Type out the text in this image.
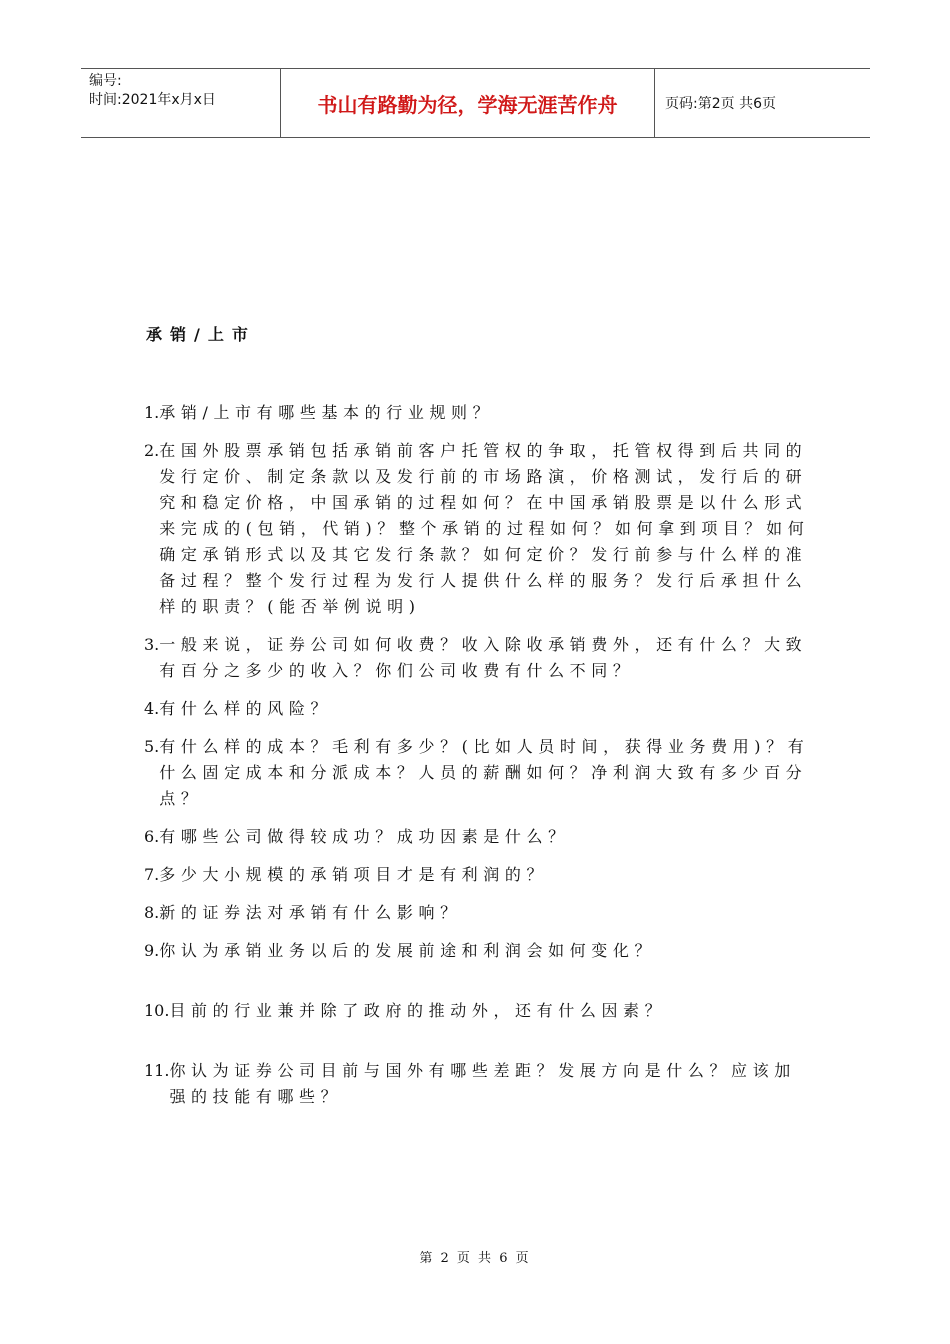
编号:
时间:2021年x月x日	书山有路勤为径，学海无涯苦作舟	页码:第2页 共6页
承销/上市
1. 承销/上市有哪些基本的行业规则？
2. 在国外股票承销包括承销前客户托管权的争取，托管权得到后共同的发行定价、制定条款以及发行前的市场路演，价格测试，发行后的研究和稳定价格，中国承销的过程如何？在中国承销股票是以什么形式来完成的(包销，代销)？整个承销的过程如何？如何拿到项目？如何确定承销形式以及其它发行条款？如何定价？发行前参与什么样的准备过程？整个发行过程为发行人提供什么样的服务？发行后承担什么样的职责？(能否举例说明)
3. 一般来说，证券公司如何收费？收入除收承销费外，还有什么？大致有百分之多少的收入？你们公司收费有什么不同？
4. 有什么样的风险？
5. 有什么样的成本？毛利有多少？(比如人员时间，获得业务费用)？有什么固定成本和分派成本？人员的薪酬如何？净利润大致有多少百分点？
6. 有哪些公司做得较成功？成功因素是什么？
7. 多少大小规模的承销项目才是有利润的？
8. 新的证券法对承销有什么影响？
9. 你认为承销业务以后的发展前途和利润会如何变化？
10. 目前的行业兼并除了政府的推动外，还有什么因素？
11. 你认为证券公司目前与国外有哪些差距？发展方向是什么？应该加强的技能有哪些？
第 2 页 共 6 页
